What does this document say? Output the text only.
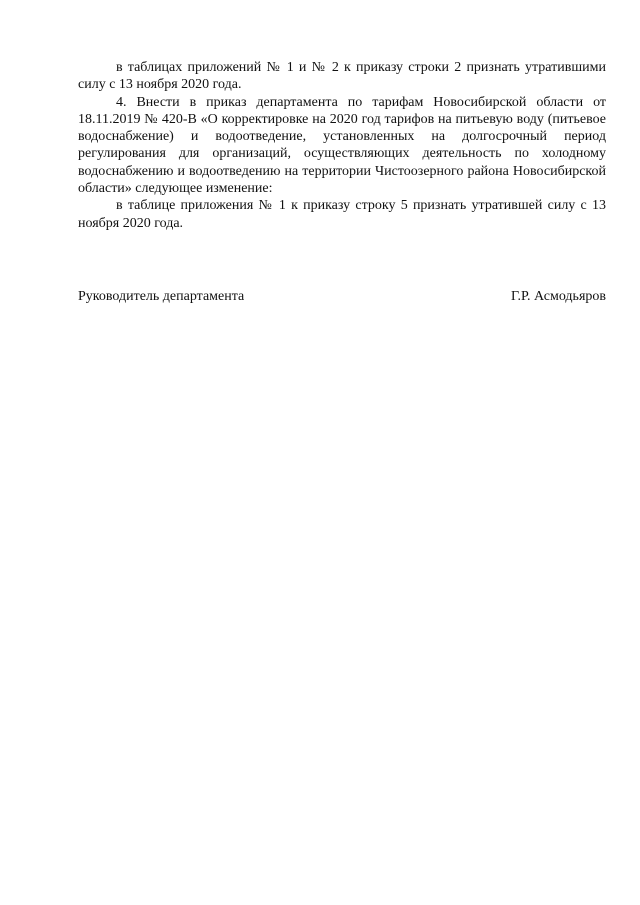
в таблицах приложений № 1 и № 2 к приказу строки 2 признать утратившими силу с 13 ноября 2020 года.

4. Внести в приказ департамента по тарифам Новосибирской области от 18.11.2019 № 420-В «О корректировке на 2020 год тарифов на питьевую воду (питьевое водоснабжение) и водоотведение, установленных на долгосрочный период регулирования для организаций, осуществляющих деятельность по холодному водоснабжению и водоотведению на территории Чистоозерного района Новосибирской области» следующее изменение:

в таблице приложения № 1 к приказу строку 5 признать утратившей силу с 13 ноября 2020 года.

Руководитель департамента	Г.Р. Асмодьяров
